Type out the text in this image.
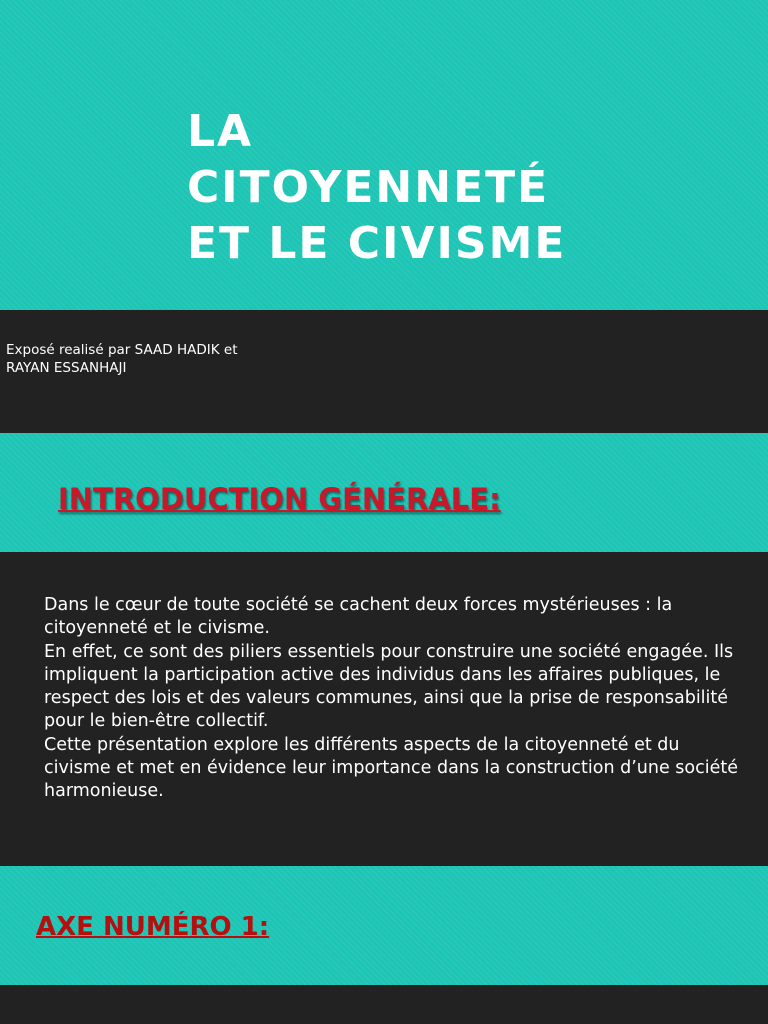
LA
CITOYENNETÉ
ET LE CIVISME

Exposé realisé par SAAD HADIK et RAYAN ESSANHAJI

INTRODUCTION GÉNÉRALE:
Dans le cœur de toute société se cachent deux forces mystérieuses : la citoyenneté et le civisme.
En effet, ce sont des piliers essentiels pour construire une société engagée. Ils impliquent la participation active des individus dans les affaires publiques, le respect des lois et des valeurs communes, ainsi que la prise de responsabilité pour le bien-être collectif.
Cette présentation explore les différents aspects de la citoyenneté et du civisme et met en évidence leur importance dans la construction d’une société harmonieuse.
AXE NUMÉRO 1:
